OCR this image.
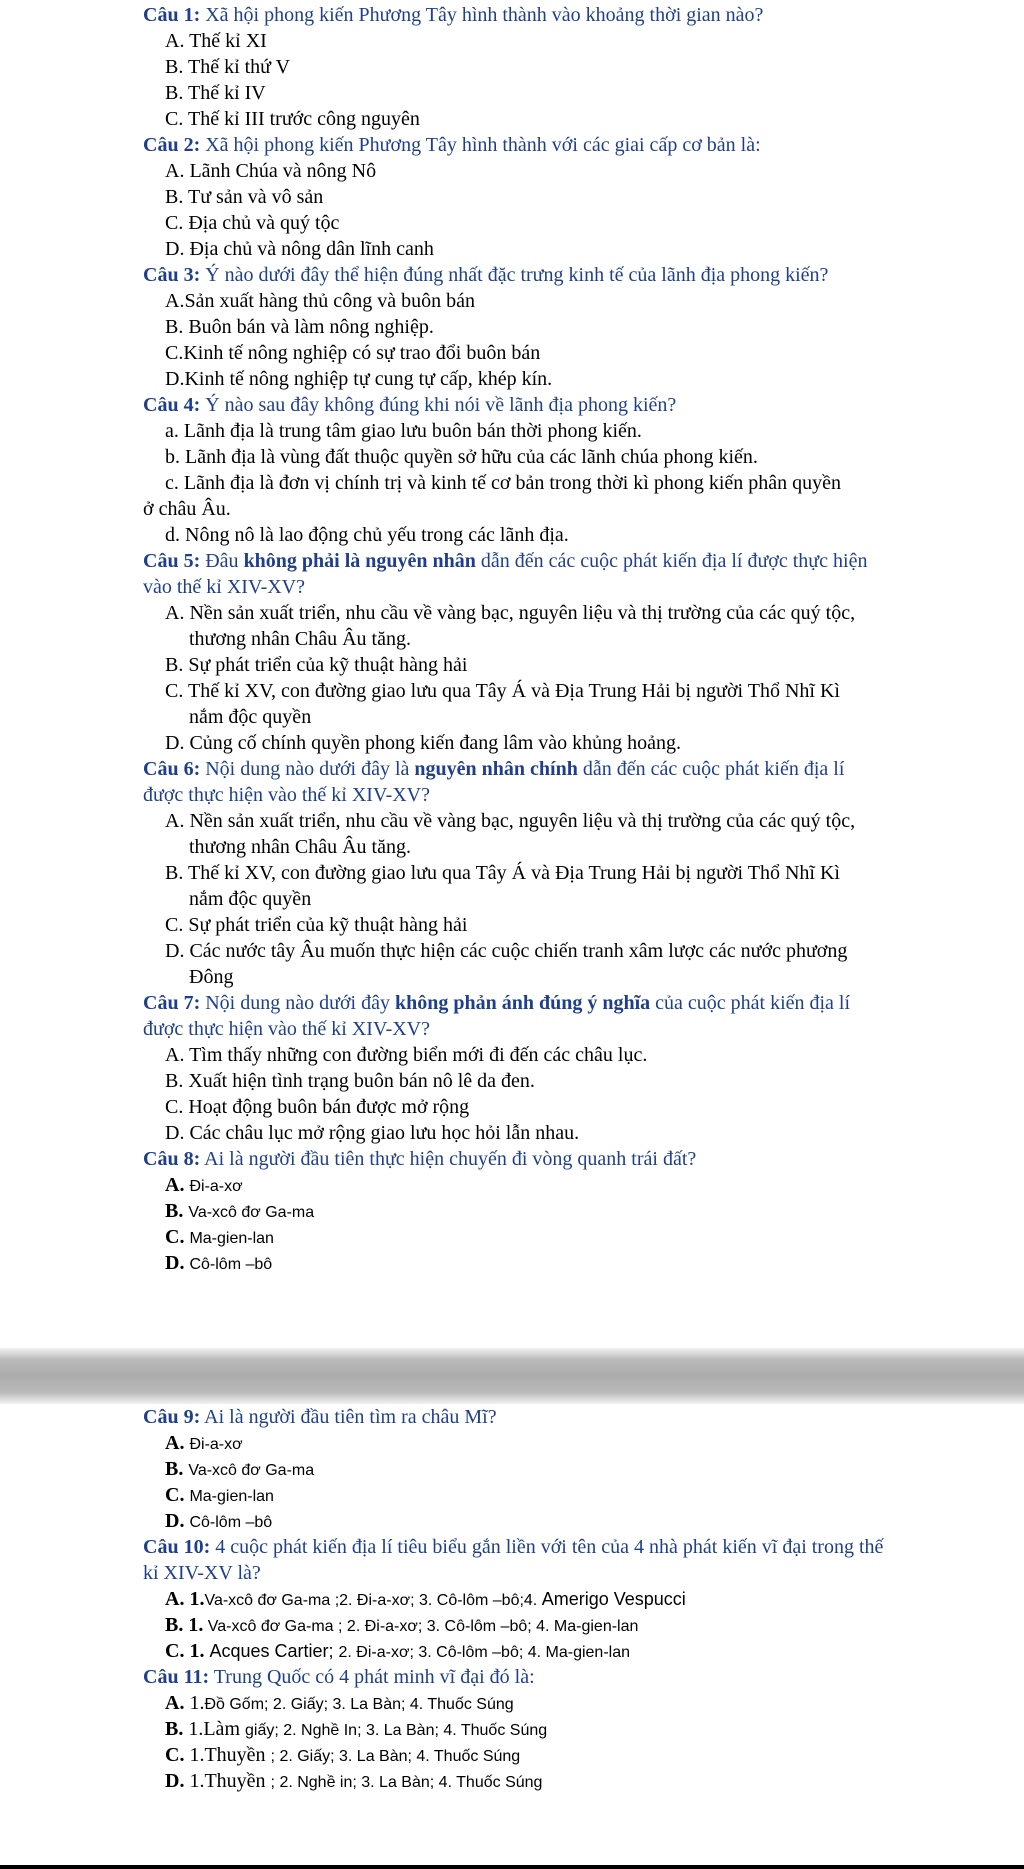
Câu 1: Xã hội phong kiến Phương Tây hình thành vào khoảng thời gian nào?
A. Thế kỉ XI
B. Thế kỉ thứ V
B. Thế kỉ IV
C. Thế kỉ III trước công nguyên
Câu 2: Xã hội phong kiến Phương Tây hình thành với các giai cấp cơ bản là:
A. Lãnh Chúa và nông Nô
B. Tư sản và vô sản
C. Địa chủ và quý tộc
D. Địa chủ và nông dân lĩnh canh
Câu 3: Ý nào dưới đây thể hiện đúng nhất đặc trưng kinh tế của lãnh địa phong kiến?
A.Sản xuất hàng thủ công và buôn bán
B. Buôn bán và làm nông nghiệp.
C.Kinh tế nông nghiệp có sự trao đổi buôn bán
D.Kinh tế nông nghiệp tự cung tự cấp, khép kín.
Câu 4: Ý nào sau đây không đúng khi nói về lãnh địa phong kiến?
a. Lãnh địa là trung tâm giao lưu buôn bán thời phong kiến.
b. Lãnh địa là vùng đất thuộc quyền sở hữu của các lãnh chúa phong kiến.
c. Lãnh địa là đơn vị chính trị và kinh tế cơ bản trong thời kì phong kiến phân quyền
ở châu Âu.
d. Nông nô là lao động chủ yếu trong các lãnh địa.
Câu 5: Đâu không phải là nguyên nhân dẫn đến các cuộc phát kiến địa lí được thực hiện
vào thế kỉ XIV-XV?
A. Nền sản xuất triển, nhu cầu về vàng bạc, nguyên liệu và thị trường của các quý tộc,
thương nhân Châu Âu tăng.
B. Sự phát triển của kỹ thuật hàng hải
C. Thế kỉ XV, con đường giao lưu qua Tây Á và Địa Trung Hải bị người Thổ Nhĩ Kì
nắm độc quyền
D. Củng cố chính quyền phong kiến đang lâm vào khủng hoảng.
Câu 6: Nội dung nào dưới đây là nguyên nhân chính dẫn đến các cuộc phát kiến địa lí
được thực hiện vào thế kỉ XIV-XV?
A. Nền sản xuất triển, nhu cầu về vàng bạc, nguyên liệu và thị trường của các quý tộc,
thương nhân Châu Âu tăng.
B. Thế kỉ XV, con đường giao lưu qua Tây Á và Địa Trung Hải bị người Thổ Nhĩ Kì
nắm độc quyền
C. Sự phát triển của kỹ thuật hàng hải
D. Các nước tây Âu muốn thực hiện các cuộc chiến tranh xâm lược các nước phương
Đông
Câu 7: Nội dung nào dưới đây không phản ánh đúng ý nghĩa của cuộc phát kiến địa lí
được thực hiện vào thế kỉ XIV-XV?
A. Tìm thấy những con đường biển mới đi đến các châu lục.
B. Xuất hiện tình trạng buôn bán nô lê da đen.
C. Hoạt động buôn bán được mở rộng
D. Các châu lục mở rộng giao lưu học hỏi lẫn nhau.
Câu 8: Ai là người đầu tiên thực hiện chuyến đi vòng quanh trái đất?
A. Đi-a-xơ
B. Va-xcô đơ Ga-ma
C. Ma-gien-lan
D. Cô-lôm –bô
Câu 9: Ai là người đầu tiên tìm ra châu Mĩ?
A. Đi-a-xơ
B. Va-xcô đơ Ga-ma
C. Ma-gien-lan
D. Cô-lôm –bô
Câu 10: 4 cuộc phát kiến địa lí tiêu biểu gắn liền với tên của 4 nhà phát kiến vĩ đại trong thế
kỉ XIV-XV là?
A. 1.Va-xcô đơ Ga-ma ;2. Đi-a-xơ; 3. Cô-lôm –bô;4. Amerigo Vespucci
B. 1. Va-xcô đơ Ga-ma ; 2. Đi-a-xơ; 3. Cô-lôm –bô; 4. Ma-gien-lan
C. 1. Acques Cartier; 2. Đi-a-xơ; 3. Cô-lôm –bô; 4. Ma-gien-lan
Câu 11: Trung Quốc có 4 phát minh vĩ đại đó là:
A. 1.Đồ Gốm; 2. Giấy; 3. La Bàn; 4. Thuốc Súng
B. 1.Làm giấy; 2. Nghề In; 3. La Bàn; 4. Thuốc Súng
C. 1.Thuyền ; 2. Giấy; 3. La Bàn; 4. Thuốc Súng
D. 1.Thuyền ; 2. Nghề in; 3. La Bàn; 4. Thuốc Súng
